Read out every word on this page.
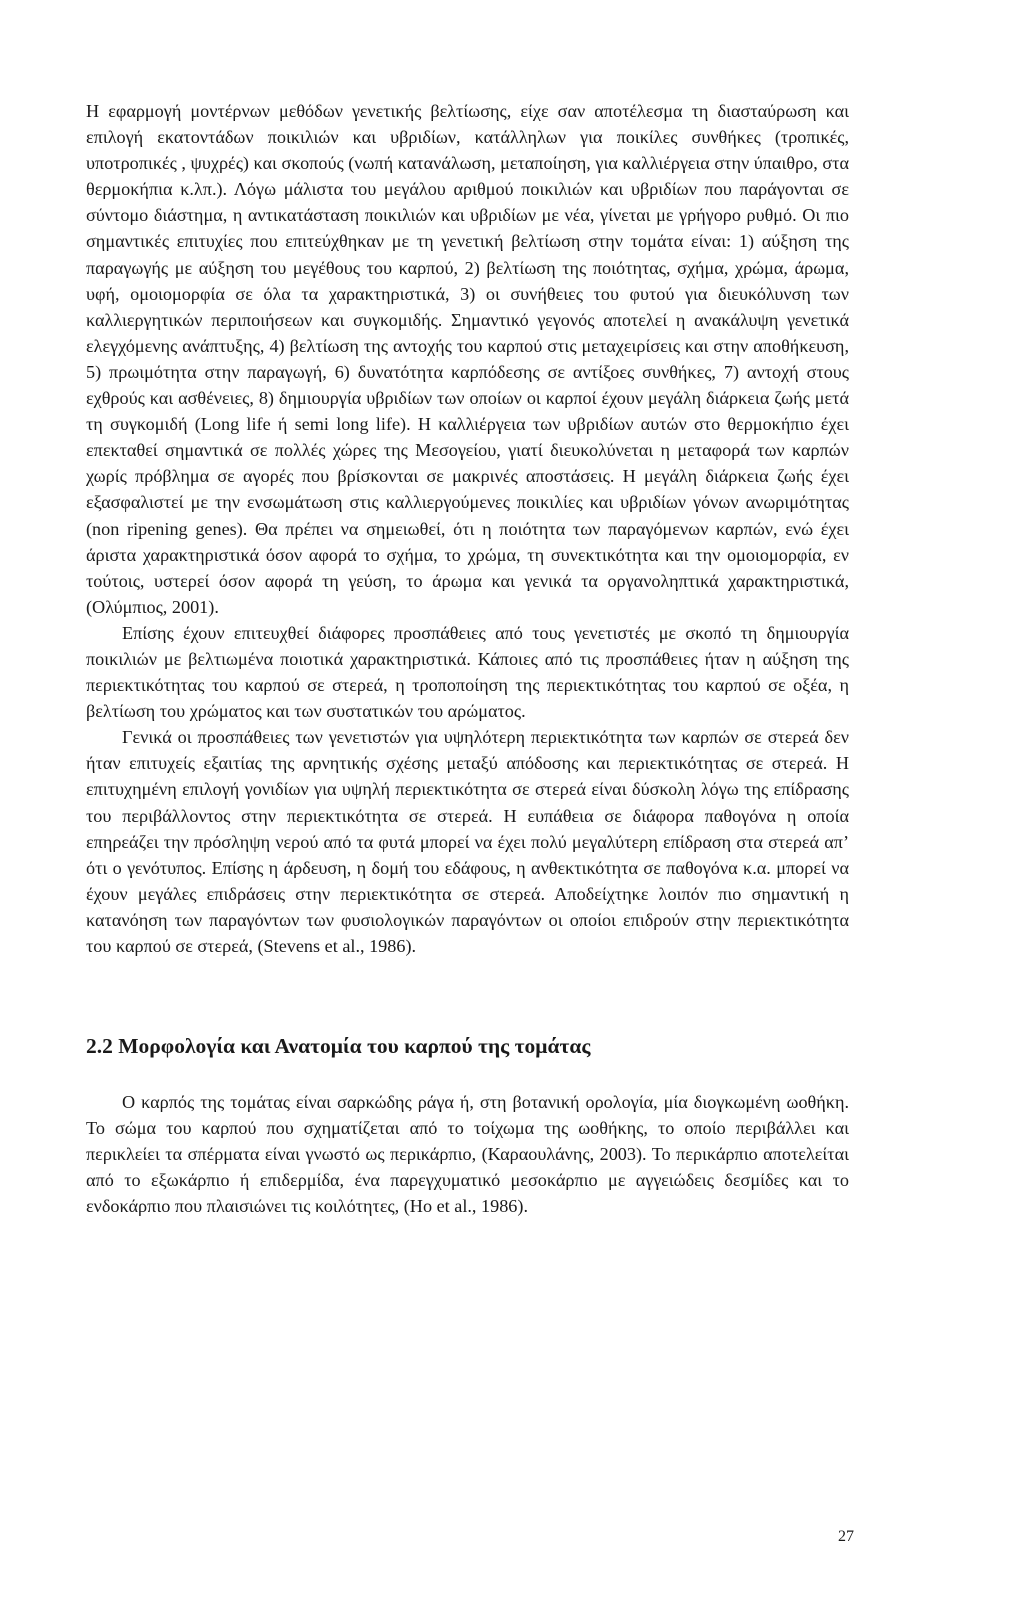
Η εφαρμογή μοντέρνων μεθόδων γενετικής βελτίωσης, είχε σαν αποτέλεσμα τη διασταύρωση και επιλογή εκατοντάδων ποικιλιών και υβριδίων, κατάλληλων για ποικίλες συνθήκες (τροπικές, υποτροπικές , ψυχρές) και σκοπούς (νωπή κατανάλωση, μεταποίηση, για καλλιέργεια στην ύπαιθρο, στα θερμοκήπια κ.λπ.). Λόγω μάλιστα του μεγάλου αριθμού ποικιλιών και υβριδίων που παράγονται σε σύντομο διάστημα, η αντικατάσταση ποικιλιών και υβριδίων με νέα, γίνεται με γρήγορο ρυθμό. Οι πιο σημαντικές επιτυχίες που επιτεύχθηκαν με τη γενετική βελτίωση στην τομάτα είναι: 1) αύξηση της παραγωγής με αύξηση του μεγέθους του καρπού, 2) βελτίωση της ποιότητας, σχήμα, χρώμα, άρωμα, υφή, ομοιομορφία σε όλα τα χαρακτηριστικά, 3) οι συνήθειες του φυτού για διευκόλυνση των καλλιεργητικών περιποιήσεων και συγκομιδής. Σημαντικό γεγονός αποτελεί η ανακάλυψη γενετικά ελεγχόμενης ανάπτυξης, 4) βελτίωση της αντοχής του καρπού στις μεταχειρίσεις και στην αποθήκευση, 5) πρωιμότητα στην παραγωγή, 6) δυνατότητα καρπόδεσης σε αντίξοες συνθήκες, 7) αντοχή στους εχθρούς και ασθένειες, 8) δημιουργία υβριδίων των οποίων οι καρποί έχουν μεγάλη διάρκεια ζωής μετά τη συγκομιδή (Long life ή semi long life). Η καλλιέργεια των υβριδίων αυτών στο θερμοκήπιο έχει επεκταθεί σημαντικά σε πολλές χώρες της Μεσογείου, γιατί διευκολύνεται η μεταφορά των καρπών χωρίς πρόβλημα σε αγορές που βρίσκονται σε μακρινές αποστάσεις. Η μεγάλη διάρκεια ζωής έχει εξασφαλιστεί με την ενσωμάτωση στις καλλιεργούμενες ποικιλίες και υβριδίων γόνων ανωριμότητας (non ripening genes). Θα πρέπει να σημειωθεί, ότι η ποιότητα των παραγόμενων καρπών, ενώ έχει άριστα χαρακτηριστικά όσον αφορά το σχήμα, το χρώμα, τη συνεκτικότητα και την ομοιομορφία, εν τούτοις, υστερεί όσον αφορά τη γεύση, το άρωμα και γενικά τα οργανοληπτικά χαρακτηριστικά, (Ολύμπιος, 2001).

Επίσης έχουν επιτευχθεί διάφορες προσπάθειες από τους γενετιστές με σκοπό τη δημιουργία ποικιλιών με βελτιωμένα ποιοτικά χαρακτηριστικά. Κάποιες από τις προσπάθειες ήταν η αύξηση της περιεκτικότητας του καρπού σε στερεά, η τροποποίηση της περιεκτικότητας του καρπού σε οξέα, η βελτίωση του χρώματος και των συστατικών του αρώματος.

Γενικά οι προσπάθειες των γενετιστών για υψηλότερη περιεκτικότητα των καρπών σε στερεά δεν ήταν επιτυχείς εξαιτίας της αρνητικής σχέσης μεταξύ απόδοσης και περιεκτικότητας σε στερεά. Η επιτυχημένη επιλογή γονιδίων για υψηλή περιεκτικότητα σε στερεά είναι δύσκολη λόγω της επίδρασης του περιβάλλοντος στην περιεκτικότητα σε στερεά. Η ευπάθεια σε διάφορα παθογόνα η οποία επηρεάζει την πρόσληψη νερού από τα φυτά μπορεί να έχει πολύ μεγαλύτερη επίδραση στα στερεά απ’ ότι ο γενότυπος. Επίσης η άρδευση, η δομή του εδάφους, η ανθεκτικότητα σε παθογόνα κ.α. μπορεί να έχουν μεγάλες επιδράσεις στην περιεκτικότητα σε στερεά. Αποδείχτηκε λοιπόν πιο σημαντική η κατανόηση των παραγόντων των φυσιολογικών παραγόντων οι οποίοι επιδρούν στην περιεκτικότητα του καρπού σε στερεά, (Stevens et al., 1986).

2.2 Μορφολογία και Ανατομία του καρπού της τομάτας

Ο καρπός της τομάτας είναι σαρκώδης ράγα ή, στη βοτανική ορολογία, μία διογκωμένη ωοθήκη. Το σώμα του καρπού που σχηματίζεται από το τοίχωμα της ωοθήκης, το οποίο περιβάλλει και περικλείει τα σπέρματα είναι γνωστό ως περικάρπιο, (Καραουλάνης, 2003). Το περικάρπιο αποτελείται από το εξωκάρπιο ή επιδερμίδα, ένα παρεγχυματικό μεσοκάρπιο με αγγειώδεις δεσμίδες και το ενδοκάρπιο που πλαισιώνει τις κοιλότητες, (Ho et al., 1986).

27
